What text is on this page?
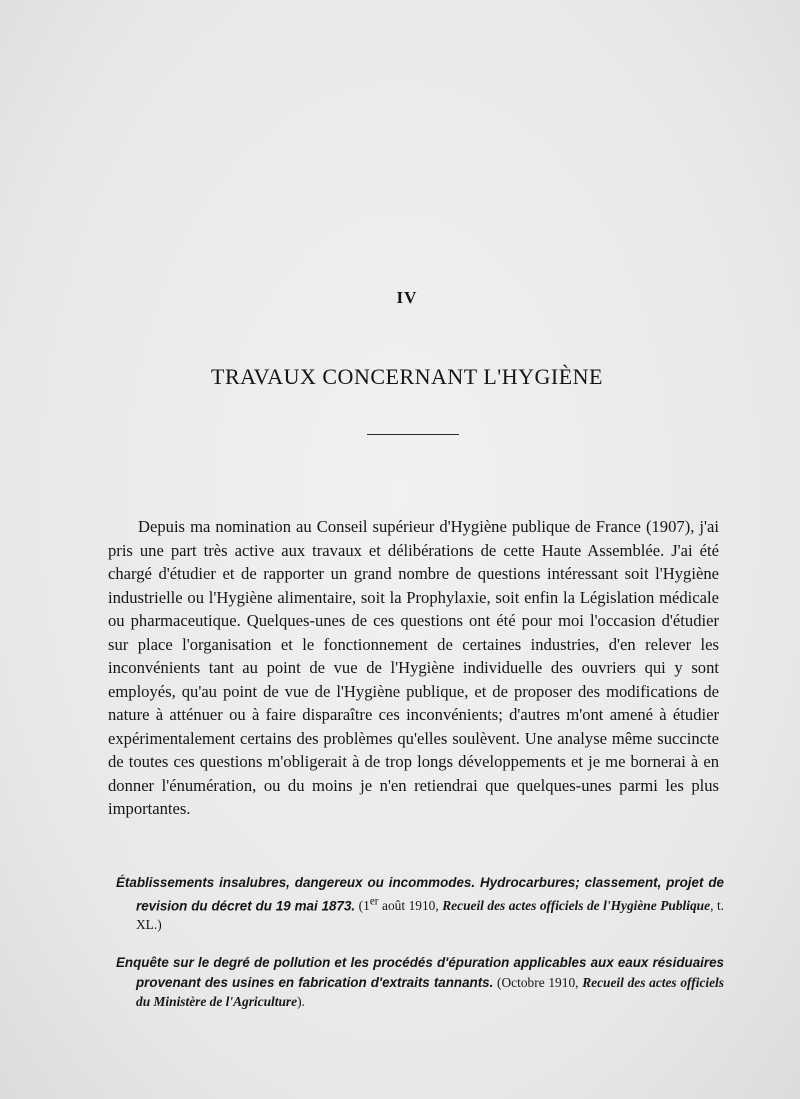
IV
TRAVAUX CONCERNANT L'HYGIÈNE

Depuis ma nomination au Conseil supérieur d'Hygiène publique de France (1907), j'ai pris une part très active aux travaux et délibérations de cette Haute Assemblée. J'ai été chargé d'étudier et de rapporter un grand nombre de questions intéressant soit l'Hygiène industrielle ou l'Hygiène alimentaire, soit la Prophylaxie, soit enfin la Législation médicale ou pharmaceutique. Quelques-unes de ces questions ont été pour moi l'occasion d'étudier sur place l'organisation et le fonctionnement de certaines industries, d'en relever les inconvénients tant au point de vue de l'Hygiène individuelle des ouvriers qui y sont employés, qu'au point de vue de l'Hygiène publique, et de proposer des modifications de nature à atténuer ou à faire disparaître ces inconvénients; d'autres m'ont amené à étudier expérimentalement certains des problèmes qu'elles soulèvent. Une analyse même succincte de toutes ces questions m'obligerait à de trop longs développements et je me bornerai à en donner l'énumération, ou du moins je n'en retiendrai que quelques-unes parmi les plus importantes.

Établissements insalubres, dangereux ou incommodes. Hydrocarbures; classement, projet de revision du décret du 19 mai 1873. (1er août 1910, Recueil des actes officiels de l'Hygiène Publique, t. XL.)

Enquête sur le degré de pollution et les procédés d'épuration applicables aux eaux résiduaires provenant des usines en fabrication d'extraits tannants. (Octobre 1910, Recueil des actes officiels du Ministère de l'Agriculture).
